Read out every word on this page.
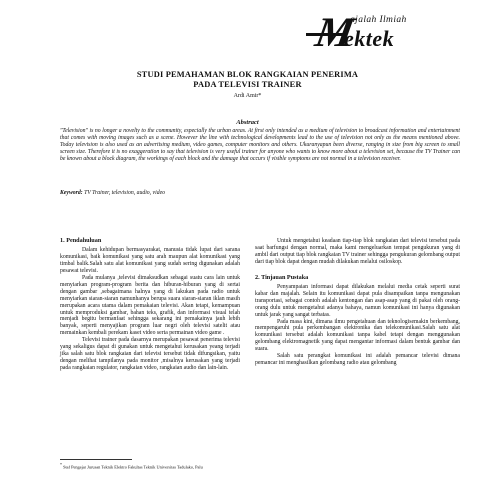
M
ajalah Ilmiah
ektek
STUDI PEMAHAMAN BLOK RANGKAIAN PENERIMA
PADA TELEVISI TRAINER
Ardi Amir*
Abstract
"Television" is no longer a novelty to the community, especially the urban areas. At first only intended as a medium of television to broadcast information and entertainment that comes with moving images such as a scene. However the line with technological developments lead to the use of television not only as the means mentioned above. Today television is also used as an advertising medium, video games, computer monitors and others. Ukuranyapun been diverse, ranging in size from big screen to small screen size. Therefore it is no exaggeration to say that television is very useful trainer for anyone who wants to know more about a television set, because the TV Trainer can be known about a block diagram, the workings of each block and the damage that occurs if visible symptoms are not normal in a television receiver.
Keyword: TV Trainer, television, audio, video

1. Pendahuluan

Dalam kehidupan bermasyarakat, manusia tidak lupat dari sarana komunikasi, baik komunikasi yang satu arah maupun alat komunikasi yang timbal balik.Salah satu alat komunikasi yang sudah sering digunakan adalah pesawat televisi.

Pada mulanya ,televisi dimaksudkan sebagai suatu cara lain untuk menyiarkan program-program berita dan hiburan-hiburan yang di sertai dengan gambar ,sebagaimana halnya yang di lakukan pada radio untuk menyiarkan siaran-siaran namunhanya berupa suara siaran-siaran iklan masih merupakan acara utama dalam pemakaian televisi. Akan tetapi, kemampuan untuk memproduksi gambar, bahan teks, grafik, dan informasi visual telah menjadi begitu bermanfaat sehingga sekarang ini pemakainya jauh lebih banyak, seperti menyajikan program luar negri oleh televisi satelit atau memainkan kembali perekam kaset video serta permainan video game .

Televisi trainer pada dasarnya merupakan pesawat penerima televisi yang sekaligus dapat di gunakan untuk mengetahui kerusakan yeang terjadi jika salah satu blok rangkaian dari televisi tersebut tidak difungsikan, yaitu dengan melihat tampilanya pada monitor ,misalnya kerusakan yang terjadi pada rangkaian regulator, rangkaian video, rangkaian audio dan lain-lain.

Untuk mengetahui keadaan tiap-tiap blok rangkaian dari televisi tersebut pada saat barfungsi dengan normal, maka kami mengeluarkan tempat pengukuran yang di ambil dari output tiap blok rangkaian TV trainer sehingga pengukuran gelombang output dari tiap blok dapat dengan mudah dilakukan melalui osiloskop.

2. Tinjauan Pustaka

Penyampaian informasi dapat dilakukan melalui media cetak seperti surat kabar dan majalah. Selain itu komunikasi dapat pula disampaikan tanpa mengunakan transportasi, sebagai contoh adalah kentongan dan asap-asap yang di pakai oleh orang-orang dulu untuk mengetahui adanya bahaya, namun komunikasi ini hanya digunakan untuk jarak yang sangat terbatas.

Pada masa kini, dimana ilmu pengetahuan dan teknologisemakin berkembang, mempengaruhi pula perkembangan elektronika dan telekomunikasi.Salah satu alat komunikasi tersebut adalah komunikasi tanpa kabel tetapi dengan menggunakan gelombang elektromagnetik yang dapat mengantar informasi dalam bentuk gambar dan suara.

Salah satu perangkat komunikasi ini adalah pemancar televisi dimana pemancar ini menghasilkan gelombang radio atau gelombang

* Staf Pengajar Jurusan Teknik Elektro Fakultas Teknik Universitas Tadulako, Palu
